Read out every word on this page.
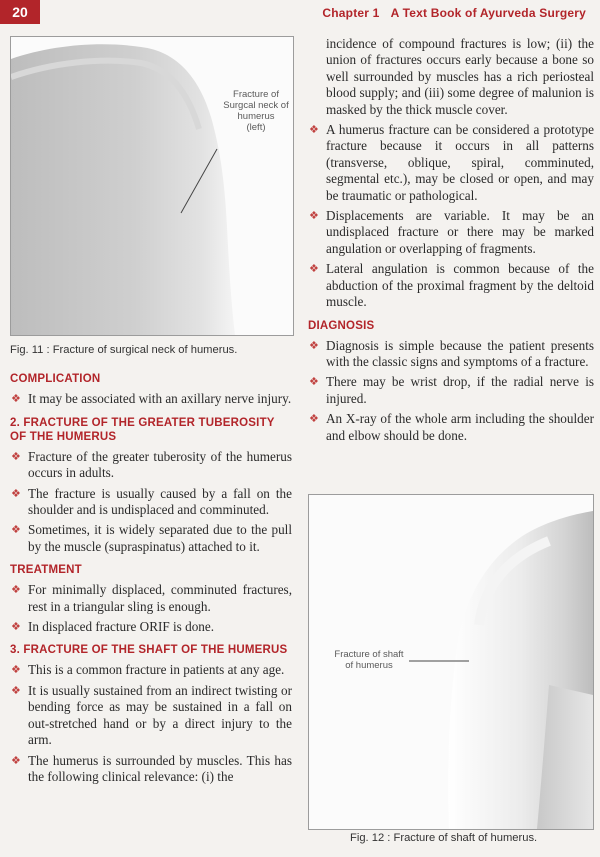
20	Chapter 1 A Text Book of Ayurveda Surgery
Fracture of
Surgcal neck of
humerus
(left)
Fig. 11 : Fracture of surgical neck of humerus.
COMPLICATION
❖ It may be associated with an axillary nerve injury.
2. FRACTURE OF THE GREATER TUBEROSITY OF THE HUMERUS
❖ Fracture of the greater tuberosity of the humerus occurs in adults.
❖ The fracture is usually caused by a fall on the shoulder and is undisplaced and comminuted.
❖ Sometimes, it is widely separated due to the pull by the muscle (supraspinatus) attached to it.
TREATMENT
❖ For minimally displaced, comminuted fractures, rest in a triangular sling is enough.
❖ In displaced fracture ORIF is done.
3. FRACTURE OF THE SHAFT OF THE HUMERUS
❖ This is a common fracture in patients at any age.
❖ It is usually sustained from an indirect twisting or bending force as may be sustained in a fall on out-stretched hand or by a direct injury to the arm.
❖ The humerus is surrounded by muscles. This has the following clinical relevance: (i) the

incidence of compound fractures is low; (ii) the union of fractures occurs early because a bone so well surrounded by muscles has a rich periosteal blood supply; and (iii) some degree of malunion is masked by the thick muscle cover.

❖ A humerus fracture can be considered a prototype fracture because it occurs in all patterns (transverse, oblique, spiral, comminuted, segmental etc.), may be closed or open, and may be traumatic or pathological.
❖ Displacements are variable. It may be an undisplaced fracture or there may be marked angulation or overlapping of fragments.
❖ Lateral angulation is common because of the abduction of the proximal fragment by the deltoid muscle.
DIAGNOSIS
❖ Diagnosis is simple because the patient presents with the classic signs and symptoms of a fracture.
❖ There may be wrist drop, if the radial nerve is injured.
❖ An X-ray of the whole arm including the shoulder and elbow should be done.
Fracture of shaft
of humerus
Fig. 12 : Fracture of shaft of humerus.
